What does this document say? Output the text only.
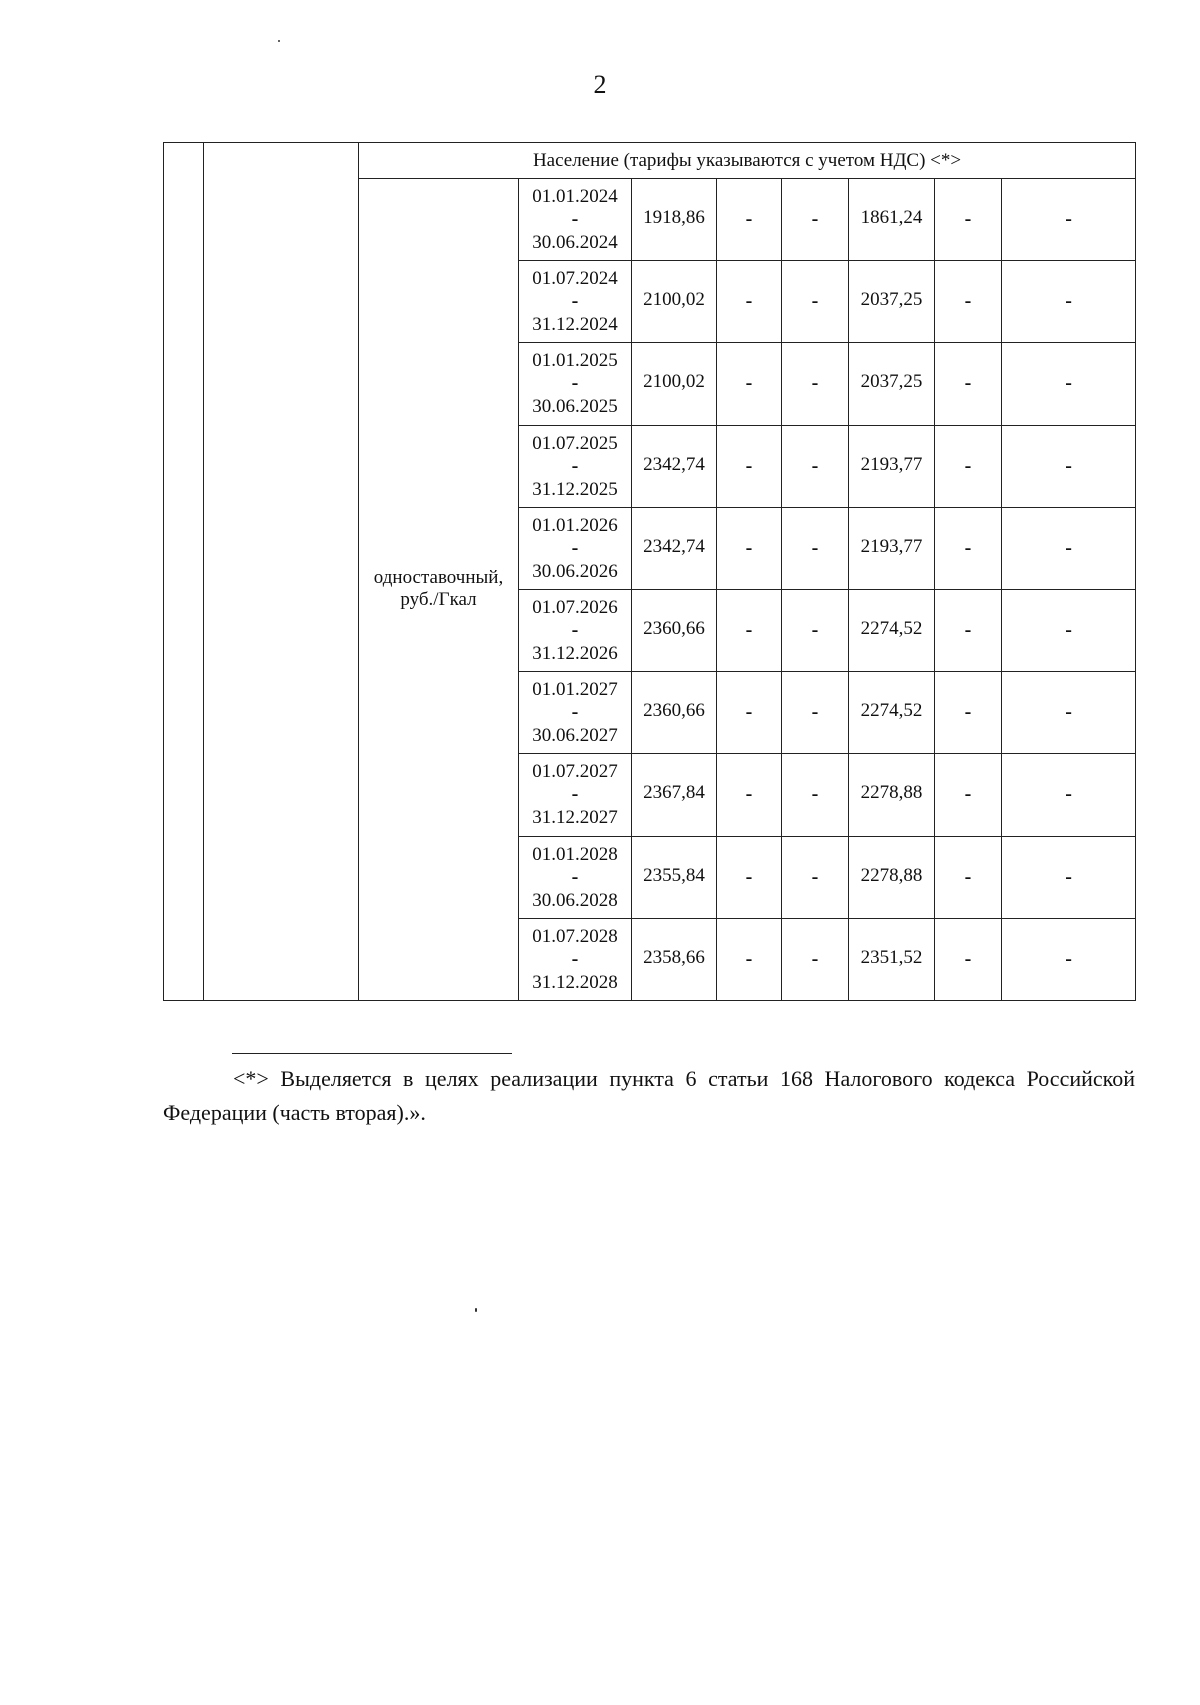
2
		Население (тарифы указываются с учетом НДС) <*>							
		одноставочный, руб./Гкал	01.01.2024
-
30.06.2024	1918,86	-	-	1861,24	-	-

			01.07.2024
-
31.12.2024	2100,02	-	-	2037,25	-	-

			01.01.2025
-
30.06.2025	2100,02	-	-	2037,25	-	-

			01.07.2025
-
31.12.2025	2342,74	-	-	2193,77	-	-

			01.01.2026
-
30.06.2026	2342,74	-	-	2193,77	-	-

			01.07.2026
-
31.12.2026	2360,66	-	-	2274,52	-	-

			01.01.2027
-
30.06.2027	2360,66	-	-	2274,52	-	-

			01.07.2027
-
31.12.2027	2367,84	-	-	2278,88	-	-

			01.01.2028
-
30.06.2028	2355,84	-	-	2278,88	-	-

			01.07.2028
-
31.12.2028	2358,66	-	-	2351,52	-	-
<*> Выделяется в целях реализации пункта 6 статьи 168 Налогового кодекса Российской Федерации (часть вторая).».
